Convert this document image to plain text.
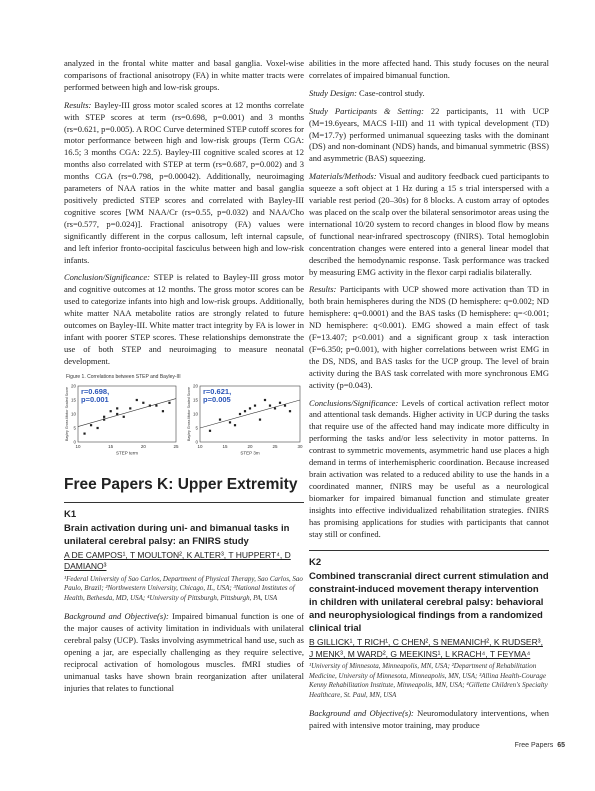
analyzed in the frontal white matter and basal ganglia. Voxel-wise comparisons of fractional anisotropy (FA) in white matter tracts were performed between high and low-risk groups.

Results: Bayley-III gross motor scaled scores at 12 months correlate with STEP scores at term (rs=0.698, p=0.001) and 3 months (rs=0.621, p=0.005). A ROC Curve determined STEP cutoff scores for motor performance between high and low-risk groups (Term CGA: 16.5; 3 months CGA: 22.5). Bayley-III cognitive scaled scores at 12 months also correlated with STEP at term (rs=0.687, p=0.002) and 3 months CGA (rs=0.798, p=0.00042). Additionally, neuroimaging parameters of NAA ratios in the white matter and basal ganglia positively predicted STEP scores and correlated with Bayley-III cognitive scores [WM NAA/Cr (rs=0.55, p=0.032) and NAA/Cho (rs=0.577, p=0.024)]. Fractional anisotropy (FA) values were significantly different in the corpus callosum, left internal capsule, and left inferior fronto-occipital fasciculus between high and low-risk infants.

Conclusion/Significance: STEP is related to Bayley-III gross motor and cognitive outcomes at 12 months. The gross motor scores can be used to categorize infants into high and low-risk groups. Additionally, white matter NAA metabolite ratios are strongly related to future outcomes on Bayley-III. White matter tract integrity by FA is lower in infant with poorer STEP scores. These relationships demonstrate the use of both STEP and neuroimaging to measure neonatal development.

Figure 1. Correlations between STEP and Bayley-III
10	15	20	25
0
5
10
15
20
STEP term
Bayley Gross Motor Scaled Score r=0.698,
p=0.001
10	15	20	25	30
0
5
10
15
20
STEP 3m
Bayley Gross Motor Scaled Score r=0.621,
p=0.005
Free Papers K: Upper Extremity
K1
Brain activation during uni- and bimanual tasks in unilateral cerebral palsy: an FNIRS study
A DE CAMPOS¹, T MOULTON², K ALTER³, T HUPPERT⁴, D DAMIANO³
¹Federal University of Sao Carlos, Department of Physical Therapy, Sao Carlos, Sao Paulo, Brazil; ²Northwestern University, Chicago, IL, USA; ³National Institutes of Health, Bethesda, MD, USA; ⁴University of Pittsburgh, Pittsburgh, PA, USA

Background and Objective(s): Impaired bimanual function is one of the major causes of activity limitation in individuals with unilateral cerebral palsy (UCP). Tasks involving asymmetrical hand use, such as opening a jar, are especially challenging as they require selective, reciprocal activation of homologous muscles. fMRI studies of unimanual tasks have shown brain reorganization after unilateral injuries that relates to functional

abilities in the more affected hand. This study focuses on the neural correlates of impaired bimanual function.

Study Design: Case-control study.

Study Participants & Setting: 22 participants, 11 with UCP (M=19.6years, MACS I-III) and 11 with typical development (TD) (M=17.7y) performed unimanual squeezing tasks with the dominant (DS) and non-dominant (NDS) hands, and bimanual symmetric (BSS) and asymmetric (BAS) squeezing.

Materials/Methods: Visual and auditory feedback cued participants to squeeze a soft object at 1 Hz during a 15 s trial interspersed with a variable rest period (20–30s) for 8 blocks. A custom array of optodes was placed on the scalp over the bilateral sensorimotor areas using the international 10/20 system to record changes in blood flow by means of functional near-infrared spectroscopy (fNIRS). Total hemoglobin concentration changes were entered into a general linear model that described the hemodynamic response. Task performance was tracked by measuring EMG activity in the flexor carpi radialis bilaterally.

Results: Participants with UCP showed more activation than TD in both brain hemispheres during the NDS (D hemisphere: q=0.002; ND hemisphere: q=0.0001) and the BAS tasks (D hemisphere: q=<0.001; ND hemisphere: q<0.001). EMG showed a main effect of task (F=13.407; p<0.001) and a significant group x task interaction (F=6.350; p=0.001), with higher correlations between wrist EMG in the DS, NDS, and BAS tasks for the UCP group. The level of brain activity during the BAS task correlated with more synchronous EMG activity (p=0.043).

Conclusions/Significance: Levels of cortical activation reflect motor and attentional task demands. Higher activity in UCP during the tasks that require use of the affected hand may indicate more difficulty in performing the tasks and/or less selectivity in motor patterns. In contrast to symmetric movements, asymmetric hand use places a high demand in terms of interhemispheric coordination. Because increased brain activation was related to a reduced ability to use the hands in a coordinated manner, fNIRS may be useful as a neurological biomarker for impaired bimanual function and stimulate greater insights into effective individualized rehabilitation strategies. fNIRS has promising applications for studies with participants that cannot stay still or confined.

K2
Combined transcranial direct current stimulation and constraint-induced movement therapy intervention in children with unilateral cerebral palsy: behavioral and neurophysiological findings from a randomized clinical trial
B GILLICK¹, T RICH¹, C CHEN², S NEMANICH², K RUDSER³, J MENK³, M WARD², G MEEKINS¹, L KRACH⁴, T FEYMA⁴
¹University of Minnesota, Minneapolis, MN, USA; ²Department of Rehabilitation Medicine, University of Minnesota, Minneapolis, MN, USA; ³Allina Health-Courage Kenny Rehabilitation Institute, Minneapolis, MN, USA; ⁴Gillette Children's Specialty Healthcare, St. Paul, MN, USA

Background and Objective(s): Neuromodulatory interventions, when paired with intensive motor training, may produce

Free Papers 65
